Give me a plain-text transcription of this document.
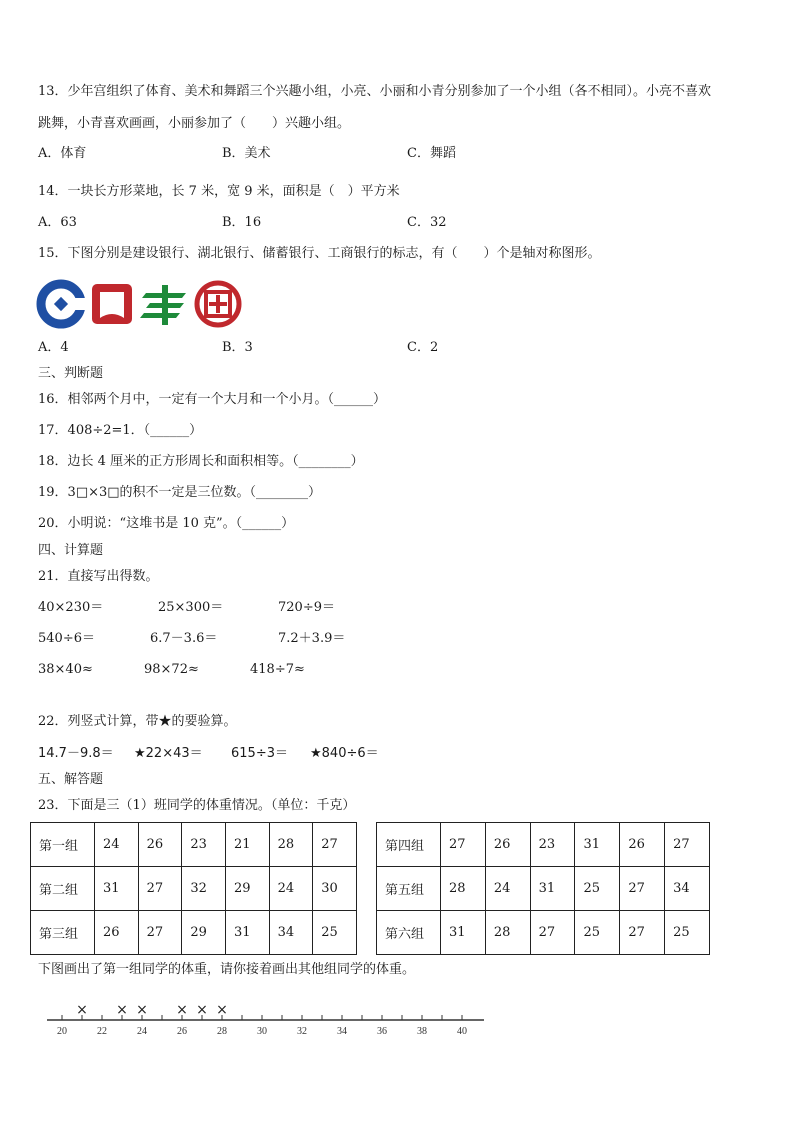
13．少年宫组织了体育、美术和舞蹈三个兴趣小组，小亮、小丽和小青分别参加了一个小组（各不相同）。小亮不喜欢
跳舞，小青喜欢画画，小丽参加了（　　）兴趣小组。
A．体育	B．美术	C．舞蹈
14．一块长方形菜地，长 7 米，宽 9 米，面积是（　）平方米
A．63	B．16	C．32
15．下图分别是建设银行、湖北银行、储蓄银行、工商银行的标志，有（　　）个是轴对称图形。
A．4	B．3	C．2
三、判断题
16．相邻两个月中，一定有一个大月和一个小月。（______）
17．408÷2=1．（______）
18．边长 4 厘米的正方形周长和面积相等。（________）
19．3□×3□的积不一定是三位数。（________）
20．小明说：“这堆书是 10 克”。（______）
四、计算题
21．直接写出得数。
40×230＝	25×300＝	720÷9＝
540÷6＝	6.7－3.6＝	7.2＋3.9＝
38×40≈	98×72≈	418÷7≈
22．列竖式计算，带★的要验算。
14.7－9.8＝ ★22×43＝ 615÷3＝ ★840÷6＝
五、解答题
23．下面是三（1）班同学的体重情况。（单位：千克）
第一组	24	26	23	21	28	27
第二组	31	27	32	29	24	30
第三组	26	27	29	31	34	25
第四组	27	26	23	31	26	27
第五组	28	24	31	25	27	34
第六组	31	28	27	25	27	25
下图画出了第一组同学的体重，请你接着画出其他组同学的体重。
20	22	24	26	28	30	32	34	36	38	40
× × × × × ×
